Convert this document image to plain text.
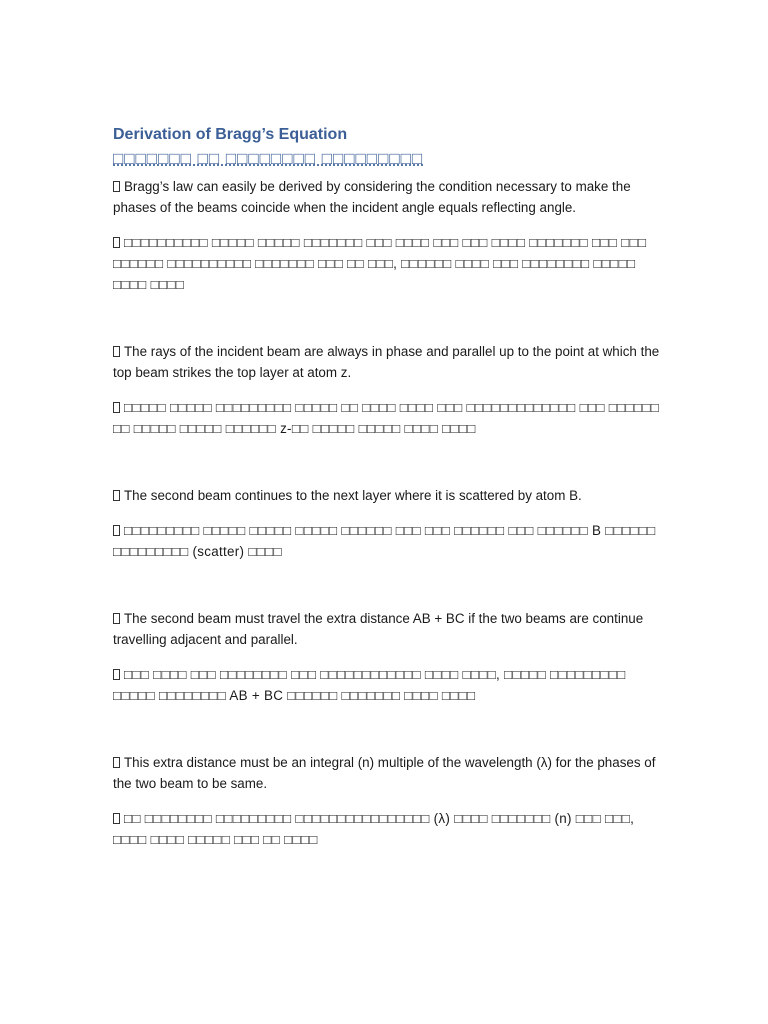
Derivation of Bragg’s Equation
□□□□□□□ □□ □□□□□□□□ □□□□□□□□□

Bragg’s law can easily be derived by considering the condition necessary to make the phases of the beams coincide when the incident angle equals reflecting angle.

□□□□□□□□□□ □□□□□ □□□□□ □□□□□□□ □□□ □□□□ □□□ □□□ □□□□ □□□□□□□ □□□ □□□ □□□□□□ □□□□□□□□□□ □□□□□□□ □□□ □□ □□□, □□□□□□ □□□□ □□□ □□□□□□□□ □□□□□ □□□□ □□□□

The rays of the incident beam are always in phase and parallel up to the point at which the top beam strikes the top layer at atom z.

□□□□□ □□□□□ □□□□□□□□□ □□□□□ □□ □□□□ □□□□ □□□ □□□□□□□□□□□□□ □□□ □□□□□□ □□ □□□□□ □□□□□ □□□□□□ z-□□ □□□□□ □□□□□ □□□□ □□□□

The second beam continues to the next layer where it is scattered by atom B.

□□□□□□□□□ □□□□□ □□□□□ □□□□□ □□□□□□ □□□ □□□ □□□□□□ □□□ □□□□□□ B □□□□□□ □□□□□□□□□ (scatter) □□□□

The second beam must travel the extra distance AB + BC if the two beams are continue travelling adjacent and parallel.

□□□ □□□□ □□□ □□□□□□□□ □□□ □□□□□□□□□□□□ □□□□ □□□□, □□□□□ □□□□□□□□□ □□□□□ □□□□□□□□ AB + BC □□□□□□ □□□□□□□ □□□□ □□□□

This extra distance must be an integral (n) multiple of the wavelength (λ) for the phases of the two beam to be same.

□□ □□□□□□□□ □□□□□□□□□ □□□□□□□□□□□□□□□□ (λ) □□□□ □□□□□□□ (n) □□□ □□□, □□□□ □□□□ □□□□□ □□□ □□ □□□□
